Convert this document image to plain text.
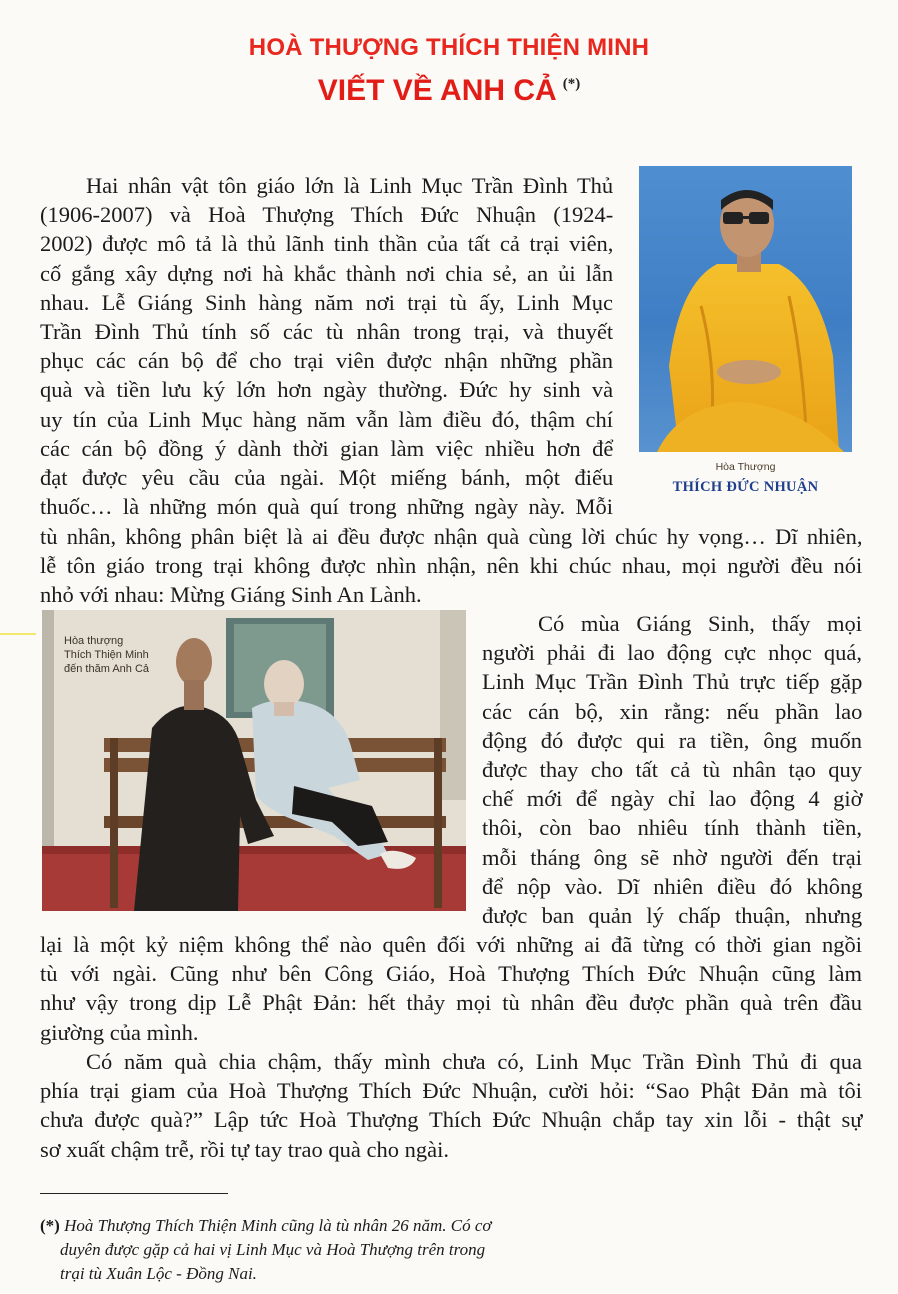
HOÀ THƯỢNG THÍCH THIỆN MINH
VIẾT VỀ ANH CẢ (*)
Hai nhân vật tôn giáo lớn là Linh Mục Trần Đình Thủ
(1906-2007) và Hoà Thượng Thích Đức Nhuận (1924-
2002) được mô tả là thủ lãnh tinh thần của tất cả trại viên,
cố gắng xây dựng nơi hà khắc thành nơi chia sẻ, an ủi lẫn
nhau. Lễ Giáng Sinh hàng năm nơi trại tù ấy, Linh Mục
Trần Đình Thủ tính số các tù nhân trong trại, và thuyết
phục các cán bộ để cho trại viên được nhận những phần
quà và tiền lưu ký lớn hơn ngày thường. Đức hy sinh và
uy tín của Linh Mục hàng năm vẫn làm điều đó, thậm chí
các cán bộ đồng ý dành thời gian làm việc nhiều hơn để
đạt được yêu cầu của ngài. Một miếng bánh, một điếu
thuốc… là những món quà quí trong những ngày này. Mỗi
tù nhân, không phân biệt là ai đều được nhận quà cùng lời chúc hy vọng… Dĩ nhiên,
lễ tôn giáo trong trại không được nhìn nhận, nên khi chúc nhau, mọi người đều nói
nhỏ với nhau: Mừng Giáng Sinh An Lành.
Hòa Thượng
THÍCH ĐỨC NHUẬN
Hòa thượng
Thích Thiện Minh
đến thăm Anh Cả
Có mùa Giáng Sinh, thấy mọi
người phải đi lao động cực nhọc quá,
Linh Mục Trần Đình Thủ trực tiếp gặp
các cán bộ, xin rằng: nếu phần lao
động đó được qui ra tiền, ông muốn
được thay cho tất cả tù nhân tạo quy
chế mới để ngày chỉ lao động 4 giờ
thôi, còn bao nhiêu tính thành tiền,
mỗi tháng ông sẽ nhờ người đến trại
để nộp vào. Dĩ nhiên điều đó không
được ban quản lý chấp thuận, nhưng
lại là một kỷ niệm không thể nào quên đối với những ai đã từng có thời gian ngồi
tù với ngài. Cũng như bên Công Giáo, Hoà Thượng Thích Đức Nhuận cũng làm
như vậy trong dịp Lễ Phật Đản: hết thảy mọi tù nhân đều được phần quà trên đầu
giường của mình.
Có năm quà chia chậm, thấy mình chưa có, Linh Mục Trần Đình Thủ đi qua
phía trại giam của Hoà Thượng Thích Đức Nhuận, cười hỏi: “Sao Phật Đản mà tôi
chưa được quà?” Lập tức Hoà Thượng Thích Đức Nhuận chắp tay xin lỗi - thật sự
sơ xuất chậm trễ, rồi tự tay trao quà cho ngài.
(*) Hoà Thượng Thích Thiện Minh cũng là tù nhân 26 năm. Có cơ
duyên được gặp cả hai vị Linh Mục và Hoà Thượng trên trong
trại tù Xuân Lộc - Đồng Nai.
